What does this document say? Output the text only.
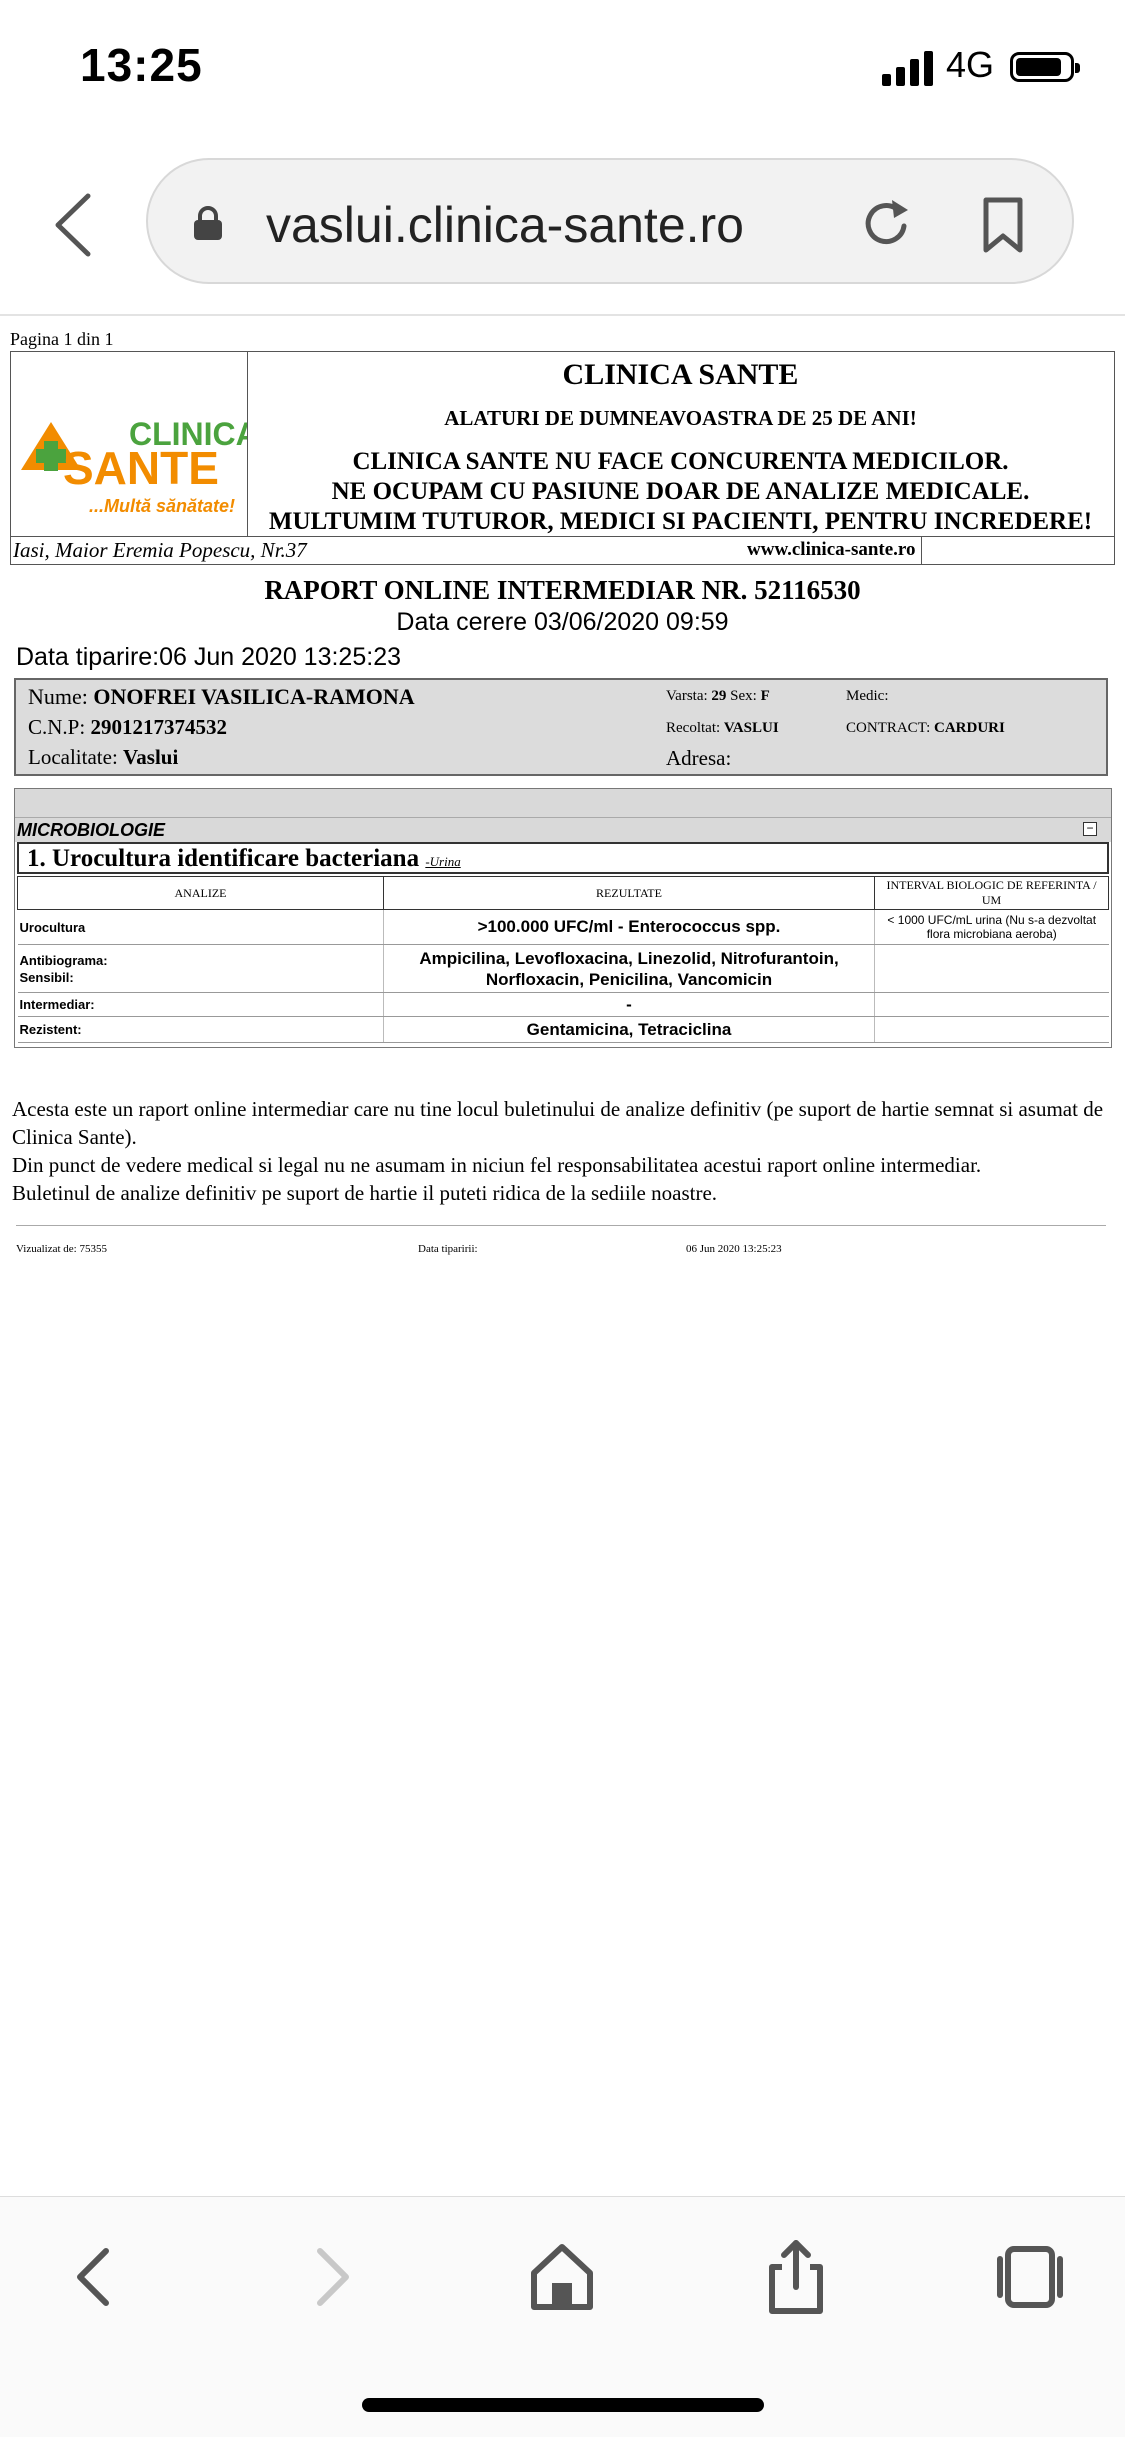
13:25	4G
vaslui.clinica-sante.ro
Pagina 1 din 1
CLINICA
SANTE
...Multă sănătate!
CLINICA SANTE
ALATURI DE DUMNEAVOASTRA DE 25 DE ANI!
CLINICA SANTE NU FACE CONCURENTA MEDICILOR.
NE OCUPAM CU PASIUNE DOAR DE ANALIZE MEDICALE.
MULTUMIM TUTUROR, MEDICI SI PACIENTI, PENTRU INCREDERE!
Iasi, Maior Eremia Popescu, Nr.37	www.clinica-sante.ro
RAPORT ONLINE INTERMEDIAR NR. 52116530
Data cerere 03/06/2020 09:59
Data tiparire:06 Jun 2020 13:25:23
Nume: ONOFREI VASILICA-RAMONA
C.N.P: 2901217374532
Localitate: Vaslui
Varsta: 29 Sex: F
Recoltat: VASLUI
Adresa:
Medic:
CONTRACT: CARDURI
MICROBIOLOGIE	−
1. Urocultura identificare bacteriana -Urina
ANALIZE	REZULTATE	INTERVAL BIOLOGIC DE REFERINTA / UM
Urocultura	>100.000 UFC/ml - Enterococcus spp.	< 1000 UFC/mL urina (Nu s-a dezvoltat flora microbiana aeroba)
Antibiograma:
Sensibil:	Ampicilina, Levofloxacina, Linezolid, Nitrofurantoin, Norfloxacin, Penicilina, Vancomicin	
Intermediar:	-	
Rezistent:	Gentamicina, Tetraciclina	
Acesta este un raport online intermediar care nu tine locul buletinului de analize definitiv (pe suport de hartie semnat si asumat de Clinica Sante).
Din punct de vedere medical si legal nu ne asumam in niciun fel responsabilitatea acestui raport online intermediar.
Buletinul de analize definitiv pe suport de hartie il puteti ridica de la sediile noastre.
Vizualizat de: 75355	Data tiparirii:	06 Jun 2020 13:25:23
